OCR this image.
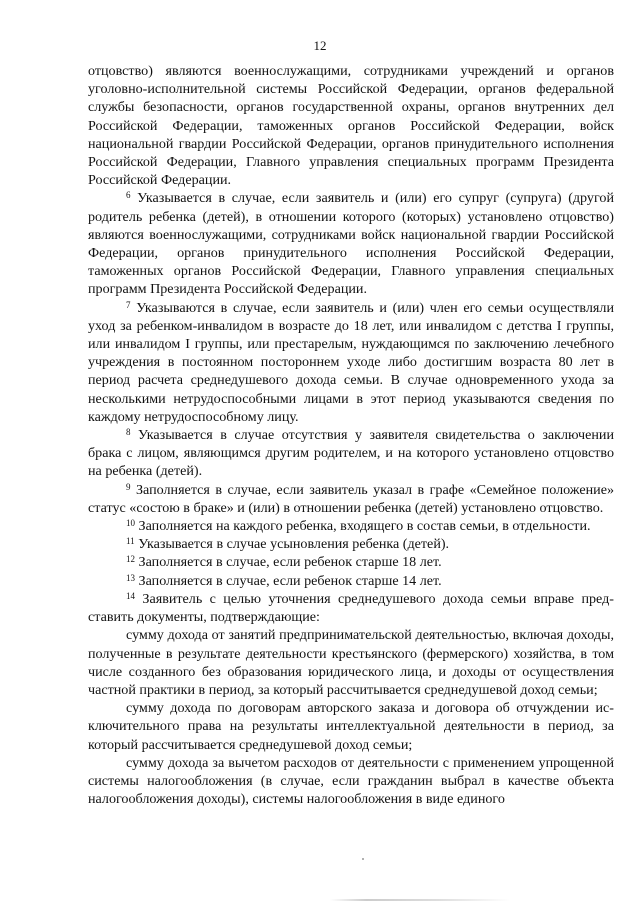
12

отцовство) являются военнослужащими, сотрудниками учреждений и органов уголовно-исполнительной системы Российской Федерации, органов федеральной службы безопасности, органов государственной охраны, органов внутренних дел Российской Федерации, таможенных органов Российской Федерации, войск национальной гвардии Российской Федерации, органов принудительного исполнения Российской Федерации, Главного управления специальных программ Президента Российской Федерации.

$^6$ Указывается в случае, если заявитель и (или) его супруг (супруга) (другой родитель ребенка (детей), в отношении которого (которых) установлено отцовство) являются военнослужащими, сотрудниками войск национальной гвардии Российской Федерации, органов принудительного исполнения Российской Федерации, таможенных органов Российской Федерации, Главного управления специальных программ Президента Российской Федерации.

$^7$ Указываются в случае, если заявитель и (или) член его семьи осуществляли уход за ребенком-инвалидом в возрасте до 18 лет, или инвалидом с детства I группы, или инвалидом I группы, или престарелым, нуждающимся по заключению лечебного учреждения в постоянном постороннем уходе либо достигшим возраста 80 лет в период расчета среднедушевого дохода семьи. В случае одновременного ухода за несколькими нетрудоспособными лицами в этот период указываются сведения по каждому нетрудоспособному лицу.

$^8$ Указывается в случае отсутствия у заявителя свидетельства о заключении брака с лицом, являющимся другим родителем, и на которого установлено отцовство на ребенка (детей).

$^9$ Заполняется в случае, если заявитель указал в графе «Семейное положение» статус «состою в браке» и (или) в отношении ребенка (детей) установлено отцовство.

$^{10}$ Заполняется на каждого ребенка, входящего в состав семьи, в отдельности.

$^{11}$ Указывается в случае усыновления ребенка (детей).

$^{12}$ Заполняется в случае, если ребенок старше 18 лет.

$^{13}$ Заполняется в случае, если ребенок старше 14 лет.

$^{14}$ Заявитель с целью уточнения среднедушевого дохода семьи вправе представить документы, подтверждающие:

сумму дохода от занятий предпринимательской деятельностью, включая доходы, полученные в результате деятельности крестьянского (фермерского) хозяйства, в том числе созданного без образования юридического лица, и доходы от осуществления частной практики в период, за который рассчитывается среднедушевой доход семьи;

сумму дохода по договорам авторского заказа и договора об отчуждении исключительного права на результаты интеллектуальной деятельности в период, за который рассчитывается среднедушевой доход семьи;

сумму дохода за вычетом расходов от деятельности с применением упрощенной системы налогообложения (в случае, если гражданин выбрал в качестве объекта налогообложения доходы), системы налогообложения в виде единого
